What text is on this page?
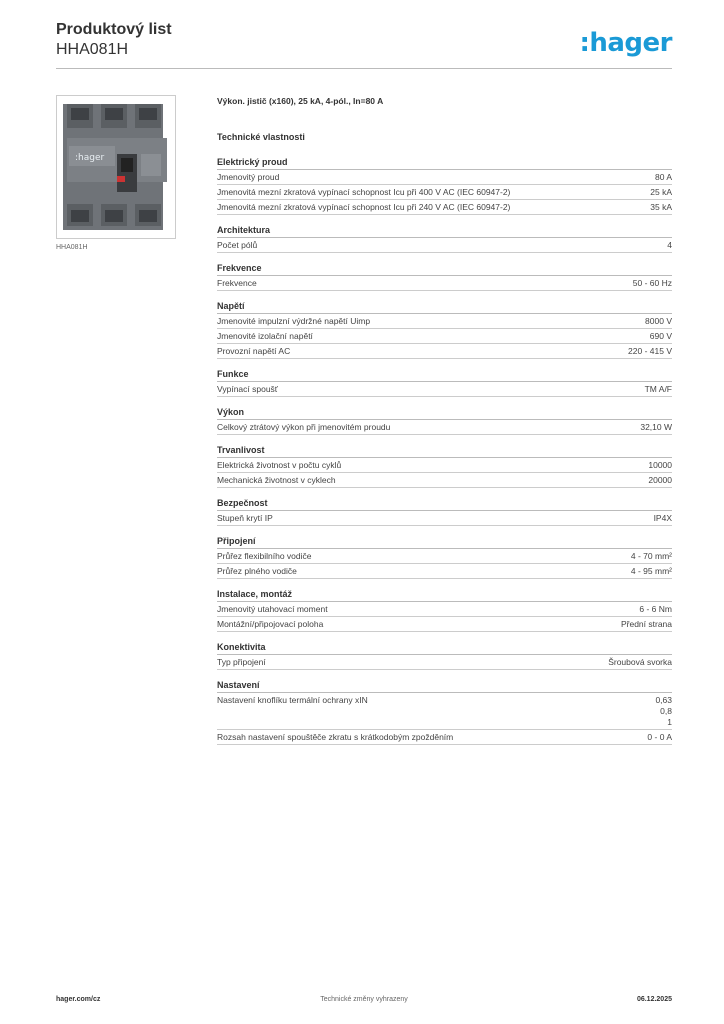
Produktový list
HHA081H	:hager
:hager
HHA081H
Výkon. jistič (x160), 25 kA, 4-pól., In=80 A
Technické vlastnosti
Elektrický proud
Jmenovitý proud	80 A
Jmenovitá mezní zkratová vypínací schopnost Icu při 400 V AC (IEC 60947-2)	25 kA
Jmenovitá mezní zkratová vypínací schopnost Icu při 240 V AC (IEC 60947-2)	35 kA
Architektura
Počet pólů	4
Frekvence
Frekvence	50 - 60 Hz
Napětí
Jmenovité impulzní výdržné napětí Uimp	8000 V
Jmenovité izolační napětí	690 V
Provozní napětí AC	220 - 415 V
Funkce
Vypínací spoušť	TM A/F
Výkon
Celkový ztrátový výkon při jmenovitém proudu	32,10 W
Trvanlivost
Elektrická životnost v počtu cyklů	10000
Mechanická životnost v cyklech	20000
Bezpečnost
Stupeň krytí IP	IP4X
Připojení
Průřez flexibilního vodiče	4 - 70 mm²
Průřez plného vodiče	4 - 95 mm²
Instalace, montáž
Jmenovitý utahovací moment	6 - 6 Nm
Montážní/připojovací poloha	Přední strana
Konektivita
Typ připojení	Šroubová svorka
Nastavení
Nastavení knoflíku termální ochrany xIN	0,63
0,8
1
Rozsah nastavení spouštěče zkratu s krátkodobým zpožděním	0 - 0 A
hager.com/cz	Technické změny vyhrazeny	06.12.2025
